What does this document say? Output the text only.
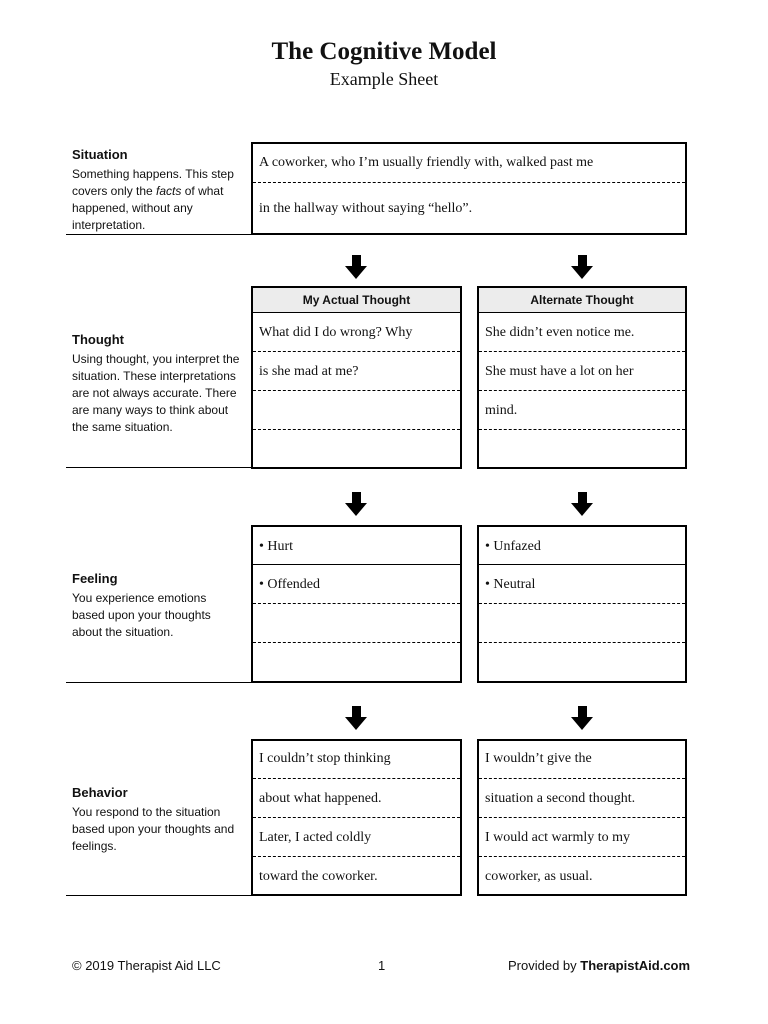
The Cognitive Model
Example Sheet
Situation
Something happens. This step covers only the facts of what happened, without any interpretation.
A coworker, who I’m usually friendly with, walked past me
in the hallway without saying “hello”.
Thought
Using thought, you interpret the situation. These interpretations are not always accurate. There are many ways to think about the same situation.
My Actual Thought
What did I do wrong? Why
is she mad at me?
Alternate Thought
She didn’t even notice me.
She must have a lot on her
mind.
Feeling
You experience emotions based upon your thoughts about the situation.
• Hurt
• Offended
• Unfazed
• Neutral
Behavior
You respond to the situation based upon your thoughts and feelings.
I couldn’t stop thinking
about what happened.
Later, I acted coldly
toward the coworker.
I wouldn’t give the
situation a second thought.
I would act warmly to my
coworker, as usual.
© 2019 Therapist Aid LLC	1	Provided by TherapistAid.com
